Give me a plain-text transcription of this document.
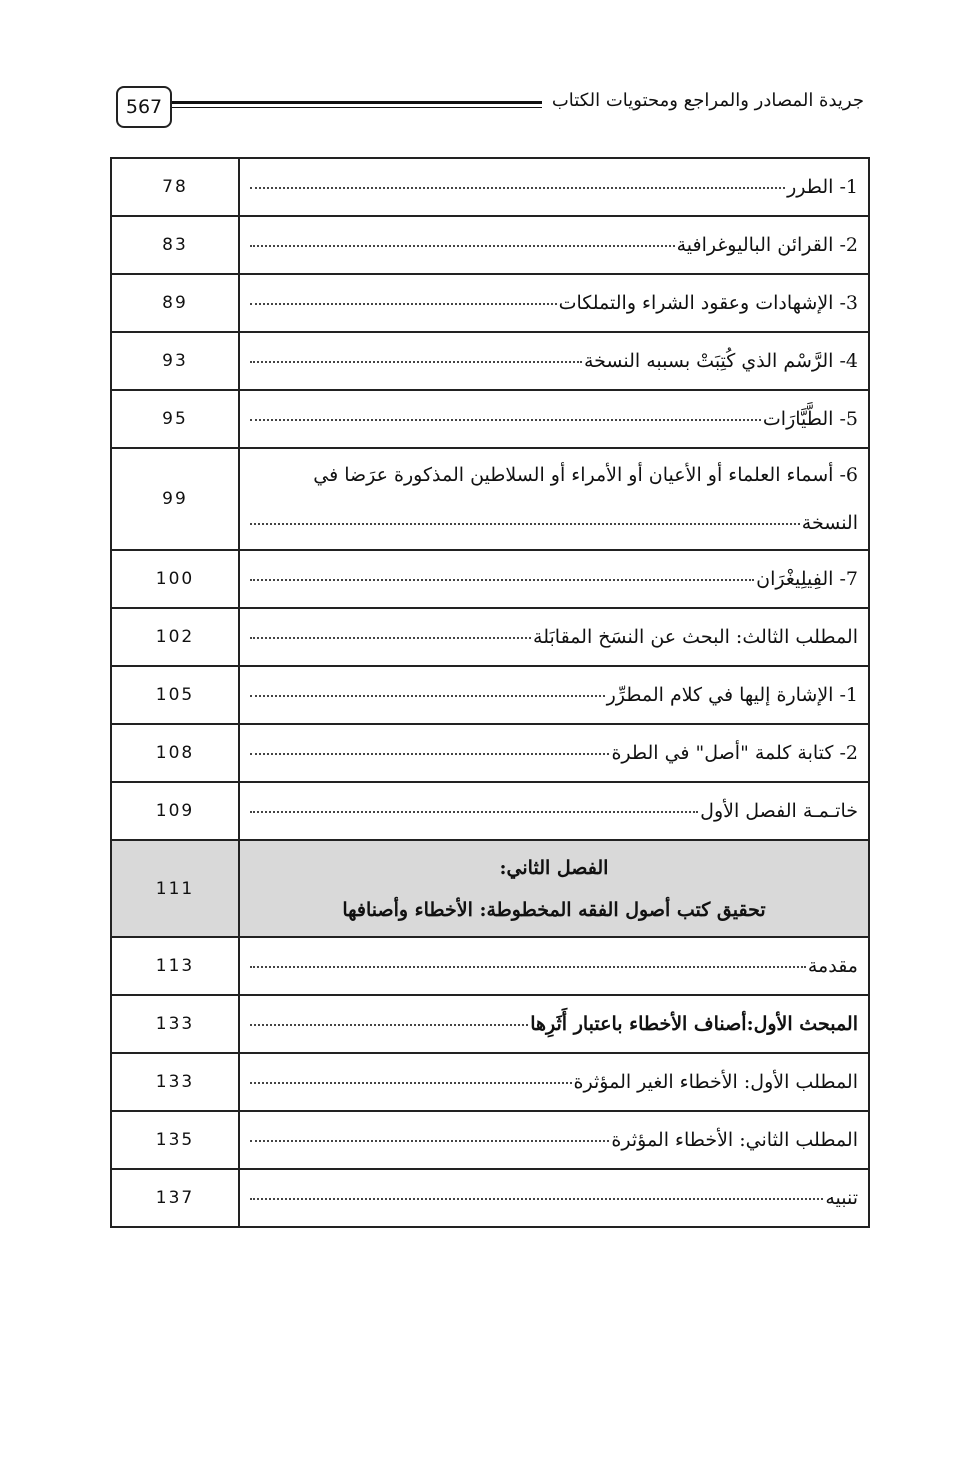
567	جريدة المصادر والمراجع ومحتويات الكتاب
1- الطرر	78

2- القرائن الباليوغرافية	83

3- الإشهادات وعقود الشراء والتملكات	89

4- الرَّسْم الذي كُتِبَتْ بسببه النسخة	93

5- الطَّيَّارَات	95

6- أسماء العلماء أو الأعيان أو الأمراء أو السلاطين المذكورة عرَضا في
النسخة	99

7- الفِيلِيغْرَان	100

المطلب الثالث: البحث عن النسَخ المقابَلة	102

1- الإشارة إليها في كلام المطرِّر	105

2- كتابة كلمة "أصل" في الطرة	108

خاتـمـة الفصل الأول	109

الفصل الثاني:
تحقيق كتب أصول الفقه المخطوطة: الأخطاء وأصنافها	111

مقدمة	113

المبحث الأول:أصناف الأخطاء باعتبار أَثَرِها	133

المطلب الأول: الأخطاء الغير المؤثرة	133

المطلب الثاني: الأخطاء المؤثرة	135

تنبيه	137
